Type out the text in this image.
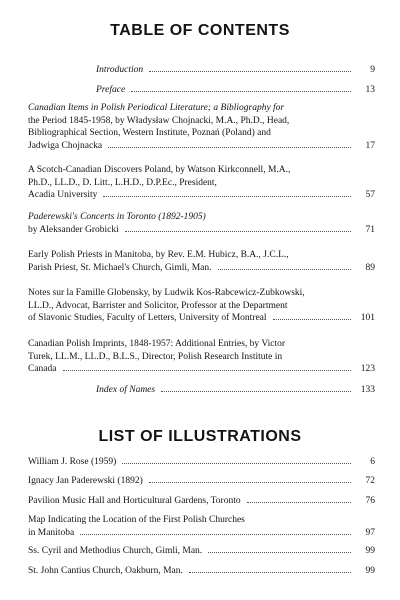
TABLE OF CONTENTS
Introduction	9
Preface	13
Canadian Items in Polish Periodical Literature; a Bibliography for
the Period 1845-1958, by Władysław Chojnacki, M.A., Ph.D., Head,
Bibliographical Section, Western Institute, Poznań (Poland) and
Jadwiga Chojnacka	17
A Scotch-Canadian Discovers Poland, by Watson Kirkconnell, M.A.,
Ph.D., LL.D., D. Litt., L.H.D., D.P.Ec., President,
Acadia University	57
Paderewski's Concerts in Toronto (1892-1905)
by Aleksander Grobicki	71
Early Polish Priests in Manitoba, by Rev. E.M. Hubicz, B.A., J.C.L.,
Parish Priest, St. Michael's Church, Gimli, Man.	89
Notes sur la Famille Globensky, by Ludwik Kos-Rabcewicz-Zubkowski,
LL.D., Advocat, Barrister and Solicitor, Professor at the Department
of Slavonic Studies, Faculty of Letters, University of Montreal	101
Canadian Polish Imprints, 1848-1957: Additional Entries, by Victor
Turek, LL.M., LL.D., B.L.S., Director, Polish Research Institute in
Canada	123
Index of Names	133
LIST OF ILLUSTRATIONS
William J. Rose (1959)	6
Ignacy Jan Paderewski (1892)	72
Pavilion Music Hall and Horticultural Gardens, Toronto	76
Map Indicating the Location of the First Polish Churches
in Manitoba	97
Ss. Cyril and Methodius Church, Gimli, Man.	99
St. John Cantius Church, Oakburn, Man.	99
